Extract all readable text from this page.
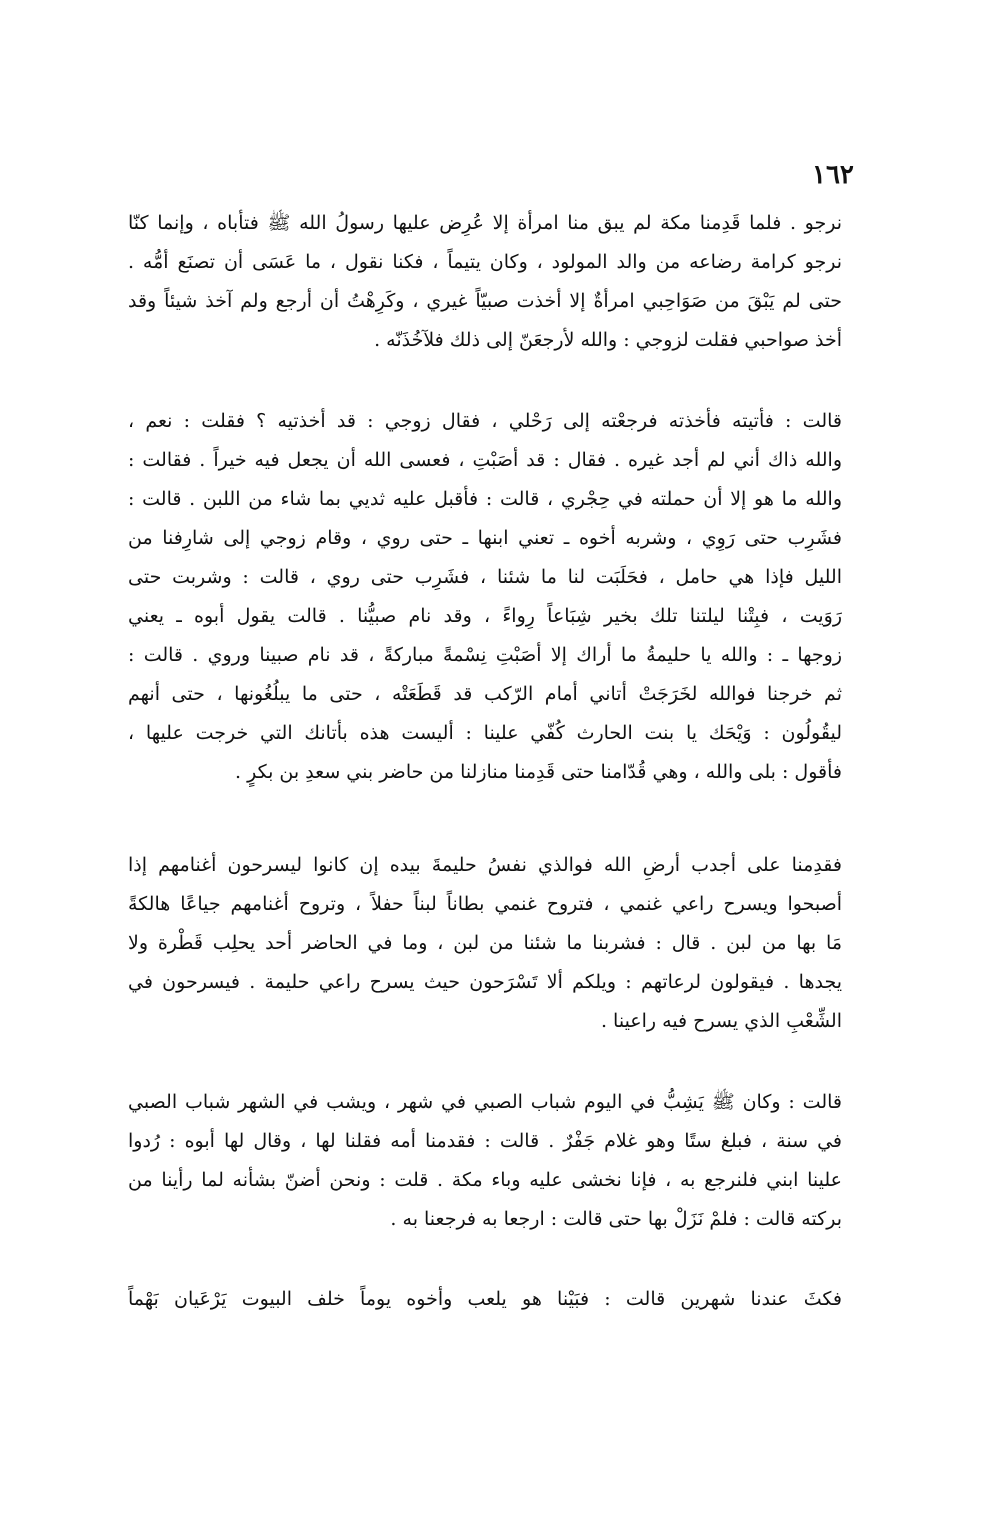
١٦٢
نرجو . فلما قَدِمنا مكة لم يبق منا امرأة إلا عُرِض عليها رسولُ الله ﷺ فتأباه ، وإنما كنّا
نرجو كرامة رضاعه من والد المولود ، وكان يتيماً ، فكنا نقول ، ما عَسَى أن تصنَع أمُّه .
حتى لم يَبْقَ من صَوَاحِبي امرأةٌ إلا أخذت صبيّاً غيري ، وكَرِهْتُ أن أرجع ولم آخذ شيئاً وقد
أخذ صواحبي فقلت لزوجي : والله لأرجعَنّ إلى ذلك فلآخُذَنّه .
قالت : فأتيته فأخذته فرجعْته إلى رَحْلي ، فقال زوجي : قد أخذتيه ؟ فقلت : نعم ،
والله ذاك أني لم أجد غيره . فقال : قد أصَبْتِ ، فعسى الله أن يجعل فيه خيراً . فقالت :
والله ما هو إلا أن حملته في حِجْري ، قالت : فأقبل عليه ثديي بما شاء من اللبن . قالت :
فشَرِب حتى رَوِي ، وشربه أخوه ـ تعني ابنها ـ حتى روي ، وقام زوجي إلى شارِفنا من
الليل فإذا هي حامل ، فحَلَبَت لنا ما شئنا ، فشَرِب حتى روي ، قالت : وشربت حتى
رَوَيت ، فبِتْنا ليلتنا تلك بخير شِبَاعاً رِواءً ، وقد نام صبيُّنا . قالت يقول أبوه ـ يعني
زوجها ـ : والله يا حليمةُ ما أراك إلا أصَبْتِ نِسْمةً مباركةً ، قد نام صبينا وروي . قالت :
ثم خرجنا فوالله لخَرَجَتْ أتاني أمام الرّكب قد قَطَعَتْه ، حتى ما يبلُغُونها ، حتى أنهم
ليقُولُون : وَيْحَك يا بنت الحارث كُفّي علينا : أليست هذه بأتانك التي خرجت عليها ،
فأقول : بلى والله ، وهي قُدّامنا حتى قَدِمنا منازلنا من حاضر بني سعدِ بن بكرٍ .
فقدِمنا على أجدب أرضِ الله فوالذي نفسُ حليمةَ بيده إن كانوا ليسرحون أغنامهم إذا
أصبحوا ويسرح راعي غنمي ، فتروح غنمي بطاناً لبناً حفلاً ، وتروح أغنامهم جياعًا هالكةً
مَا بها من لبن . قال : فشربنا ما شئنا من لبن ، وما في الحاضر أحد يحلِب قَطْرة ولا
يجدها . فيقولون لرعاتهم : ويلكم ألا تَسْرَحون حيث يسرح راعي حليمة . فيسرحون في
الشِّعْبِ الذي يسرح فيه راعينا .
قالت : وكان ﷺ يَشِبُّ في اليوم شباب الصبي في شهر ، ويشب في الشهر شباب الصبي
في سنة ، فبلغ ستًا وهو غلام جَفْرٌ . قالت : فقدمنا أمه فقلنا لها ، وقال لها أبوه : رُدوا
علينا ابني فلنرجع به ، فإنا نخشى عليه وباء مكة . قلت : ونحن أضنّ بشأنه لما رأينا من
بركته قالت : فلمْ نَزَلْ بها حتى قالت : ارجعا به فرجعنا به .
فكثَ عندنا شهرين قالت : فبَيْنا هو يلعب وأخوه يوماً خلف البيوت يَرْعَيان بَهْماً
